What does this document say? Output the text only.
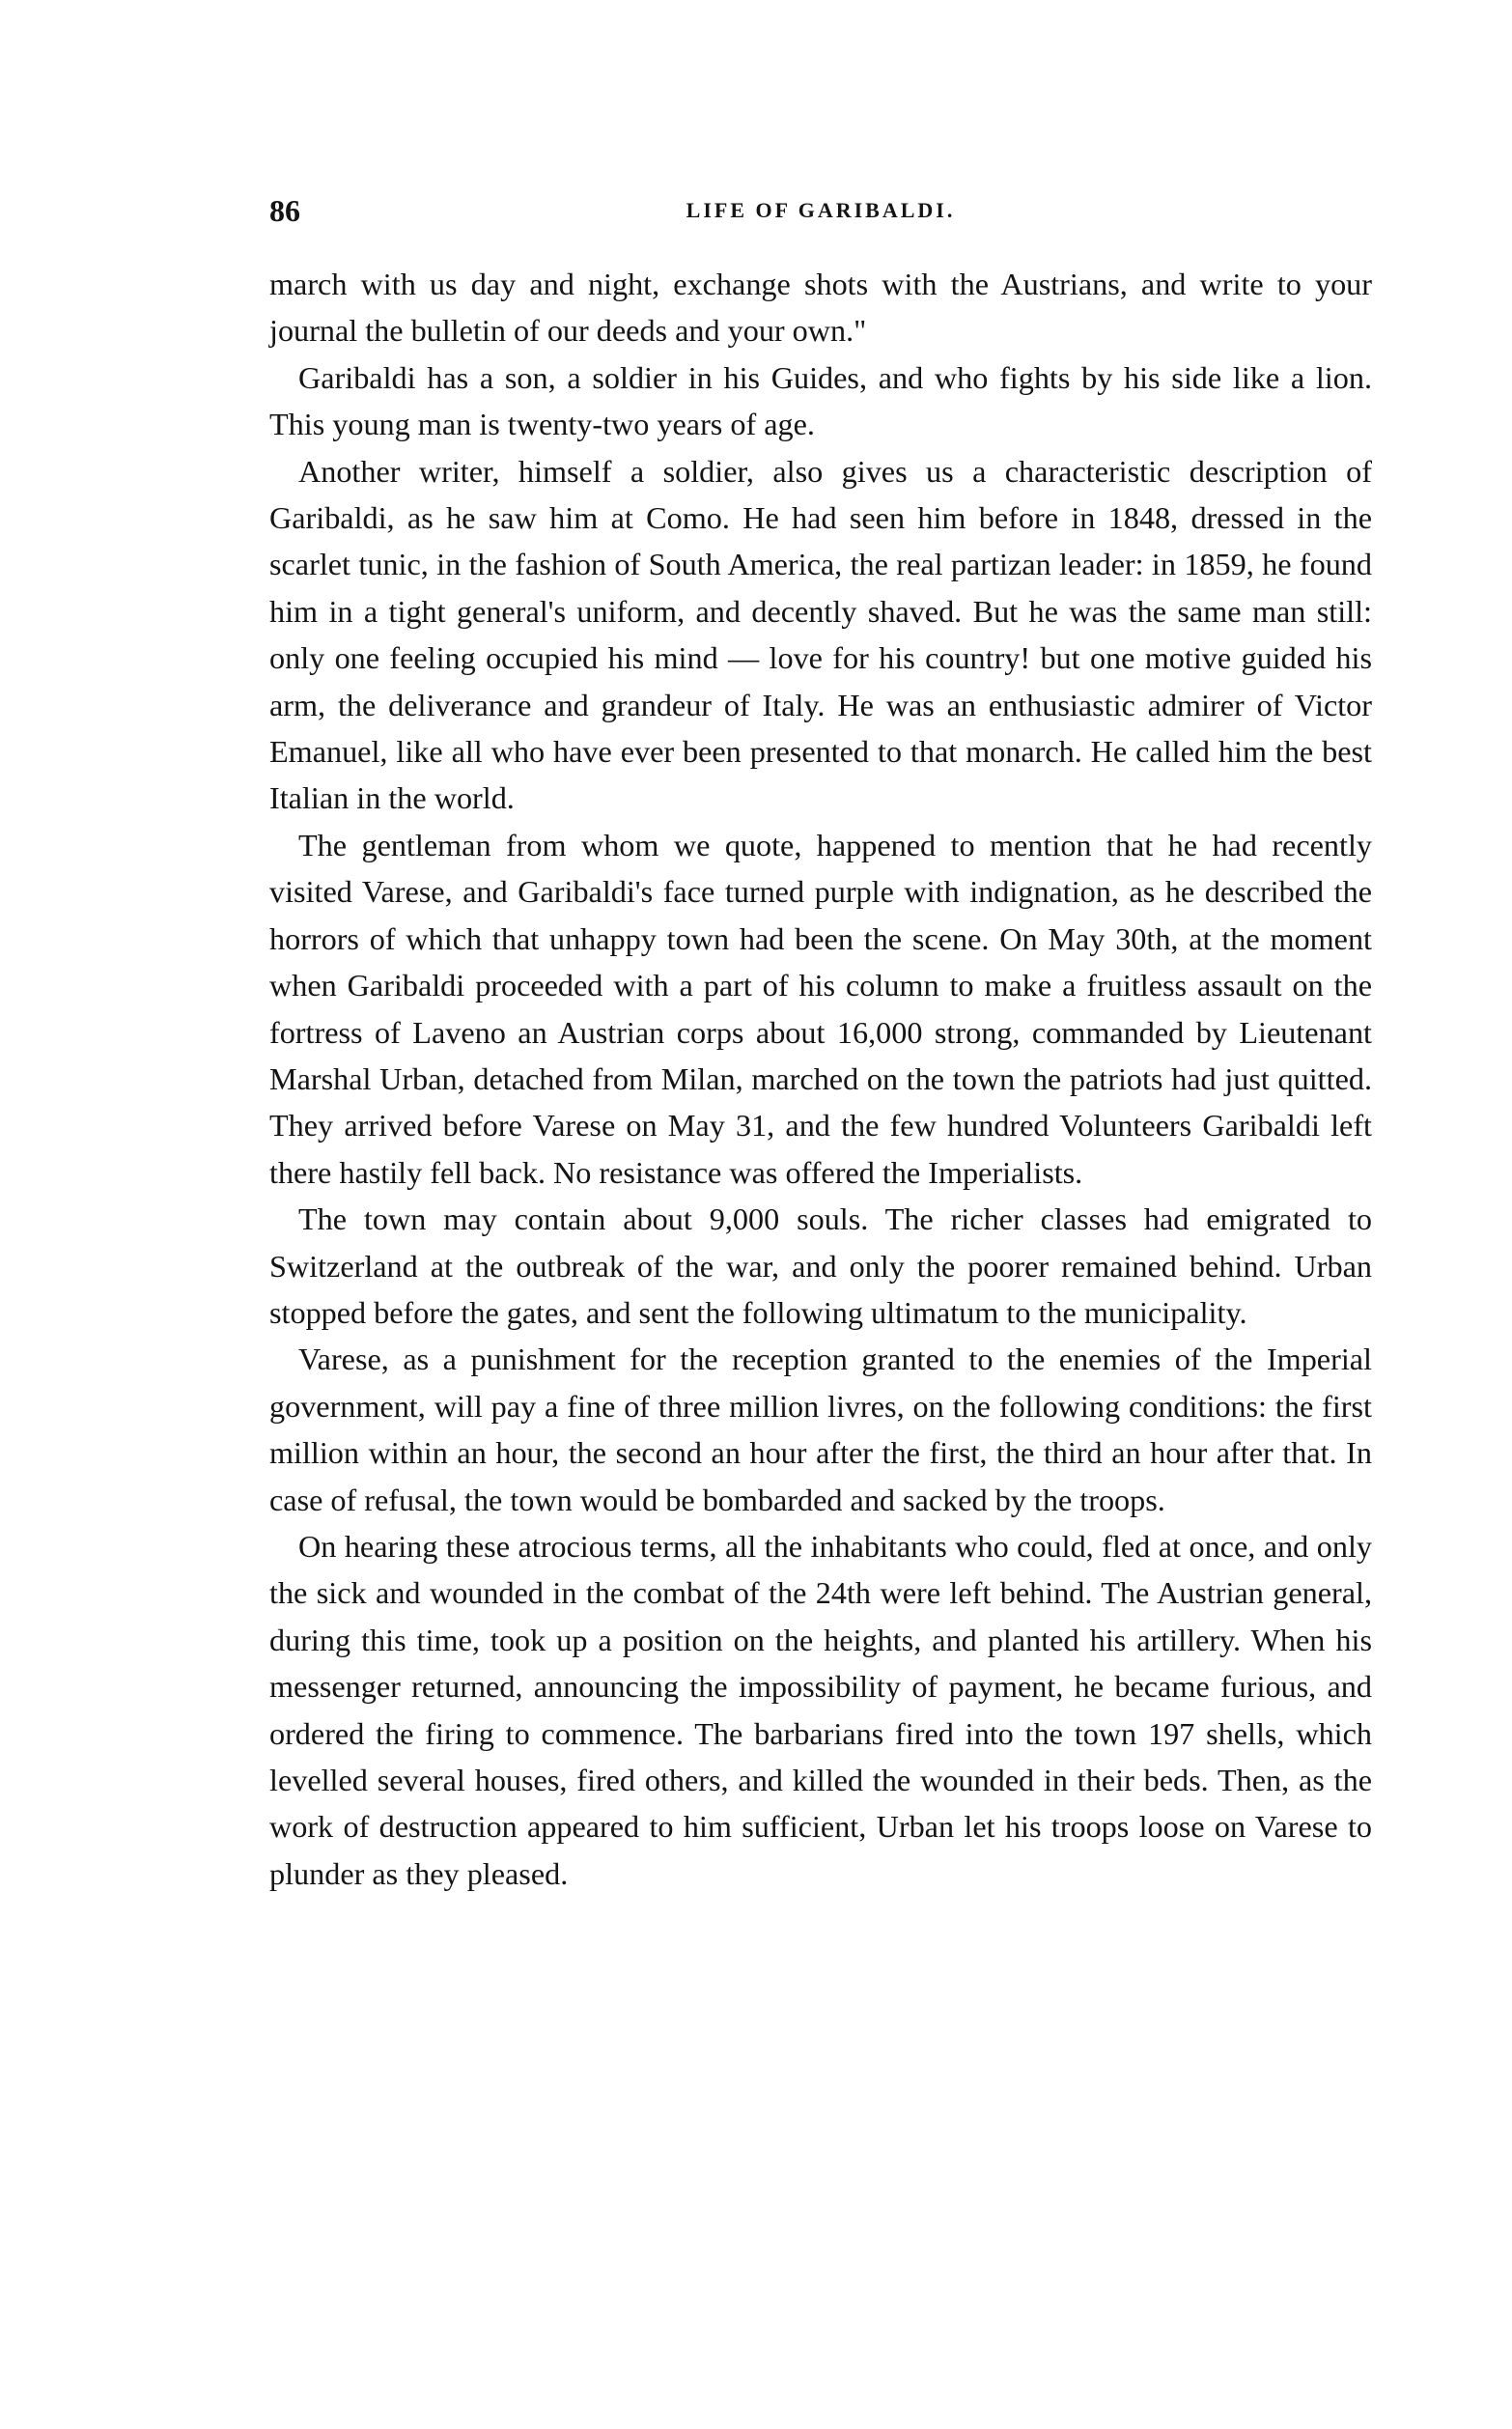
86	LIFE OF GARIBALDI.

march with us day and night, exchange shots with the Austrians, and write to your journal the bulletin of our deeds and your own."

Garibaldi has a son, a soldier in his Guides, and who fights by his side like a lion. This young man is twenty-two years of age.

Another writer, himself a soldier, also gives us a characteristic description of Garibaldi, as he saw him at Como. He had seen him before in 1848, dressed in the scarlet tunic, in the fashion of South America, the real partizan leader: in 1859, he found him in a tight general's uniform, and decently shaved. But he was the same man still: only one feeling occupied his mind — love for his country! but one motive guided his arm, the deliverance and grandeur of Italy. He was an enthusiastic admirer of Victor Emanuel, like all who have ever been presented to that monarch. He called him the best Italian in the world.

The gentleman from whom we quote, happened to mention that he had recently visited Varese, and Garibaldi's face turned purple with indignation, as he described the horrors of which that unhappy town had been the scene. On May 30th, at the moment when Garibaldi proceeded with a part of his column to make a fruitless assault on the fortress of Laveno an Austrian corps about 16,000 strong, commanded by Lieutenant Marshal Urban, detached from Milan, marched on the town the patriots had just quitted. They arrived before Varese on May 31, and the few hundred Volunteers Garibaldi left there hastily fell back. No resistance was offered the Imperialists.

The town may contain about 9,000 souls. The richer classes had emigrated to Switzerland at the outbreak of the war, and only the poorer remained behind. Urban stopped before the gates, and sent the following ultimatum to the municipality.

Varese, as a punishment for the reception granted to the enemies of the Imperial government, will pay a fine of three million livres, on the following conditions: the first million within an hour, the second an hour after the first, the third an hour after that. In case of refusal, the town would be bombarded and sacked by the troops.

On hearing these atrocious terms, all the inhabitants who could, fled at once, and only the sick and wounded in the combat of the 24th were left behind. The Austrian general, during this time, took up a position on the heights, and planted his artillery. When his messenger returned, announcing the impossibility of payment, he became furious, and ordered the firing to commence. The barbarians fired into the town 197 shells, which levelled several houses, fired others, and killed the wounded in their beds. Then, as the work of destruction appeared to him sufficient, Urban let his troops loose on Varese to plunder as they pleased.
